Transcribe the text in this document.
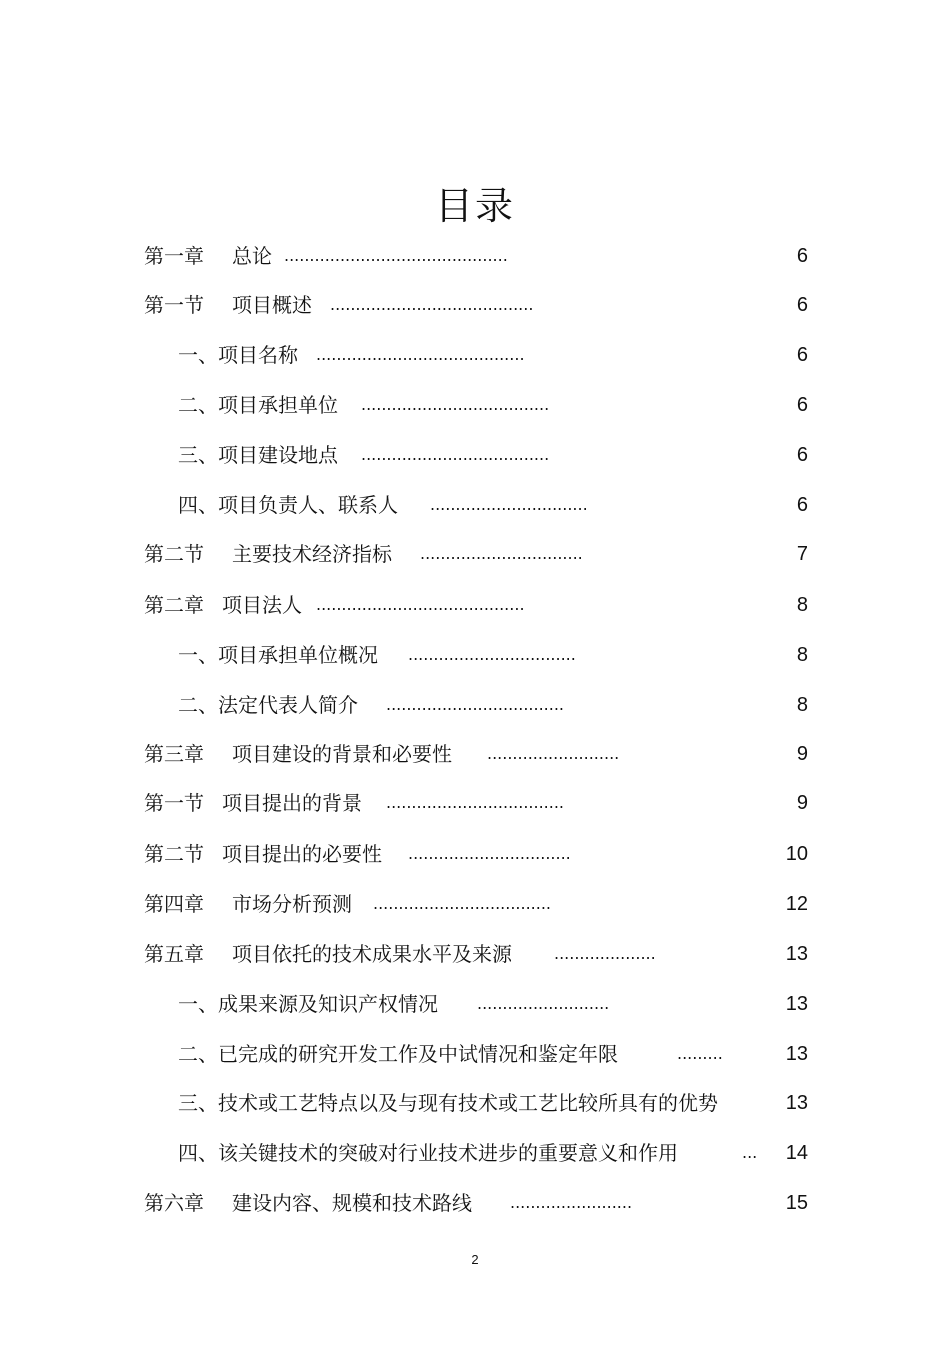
目录
第一章 总论 ............................................	6
第一节 项目概述 ........................................	6
一、项目名称 .........................................	6
二、项目承担单位 .....................................	6
三、项目建设地点 .....................................	6
四、项目负责人、联系人 ...............................	6
第二节 主要技术经济指标 ................................	7
第二章 项目法人 .........................................	8
一、项目承担单位概况 .................................	8
二、法定代表人简介 ...................................	8
第三章 项目建设的背景和必要性 ..........................	9
第一节 项目提出的背景 ...................................	9
第二节 项目提出的必要性 ................................	10
第四章 市场分析预测 ...................................	12
第五章 项目依托的技术成果水平及来源	....................	13
一、成果来源及知识产权情况 ..........................	13
二、已完成的研究开发工作及中试情况和鉴定年限	.........	13
三、技术或工艺特点以及与现有技术或工艺比较所具有的优势	13
四、该关键技术的突破对行业技术进步的重要意义和作用	... 14
第六章 建设内容、规模和技术路线 ........................	15
2
